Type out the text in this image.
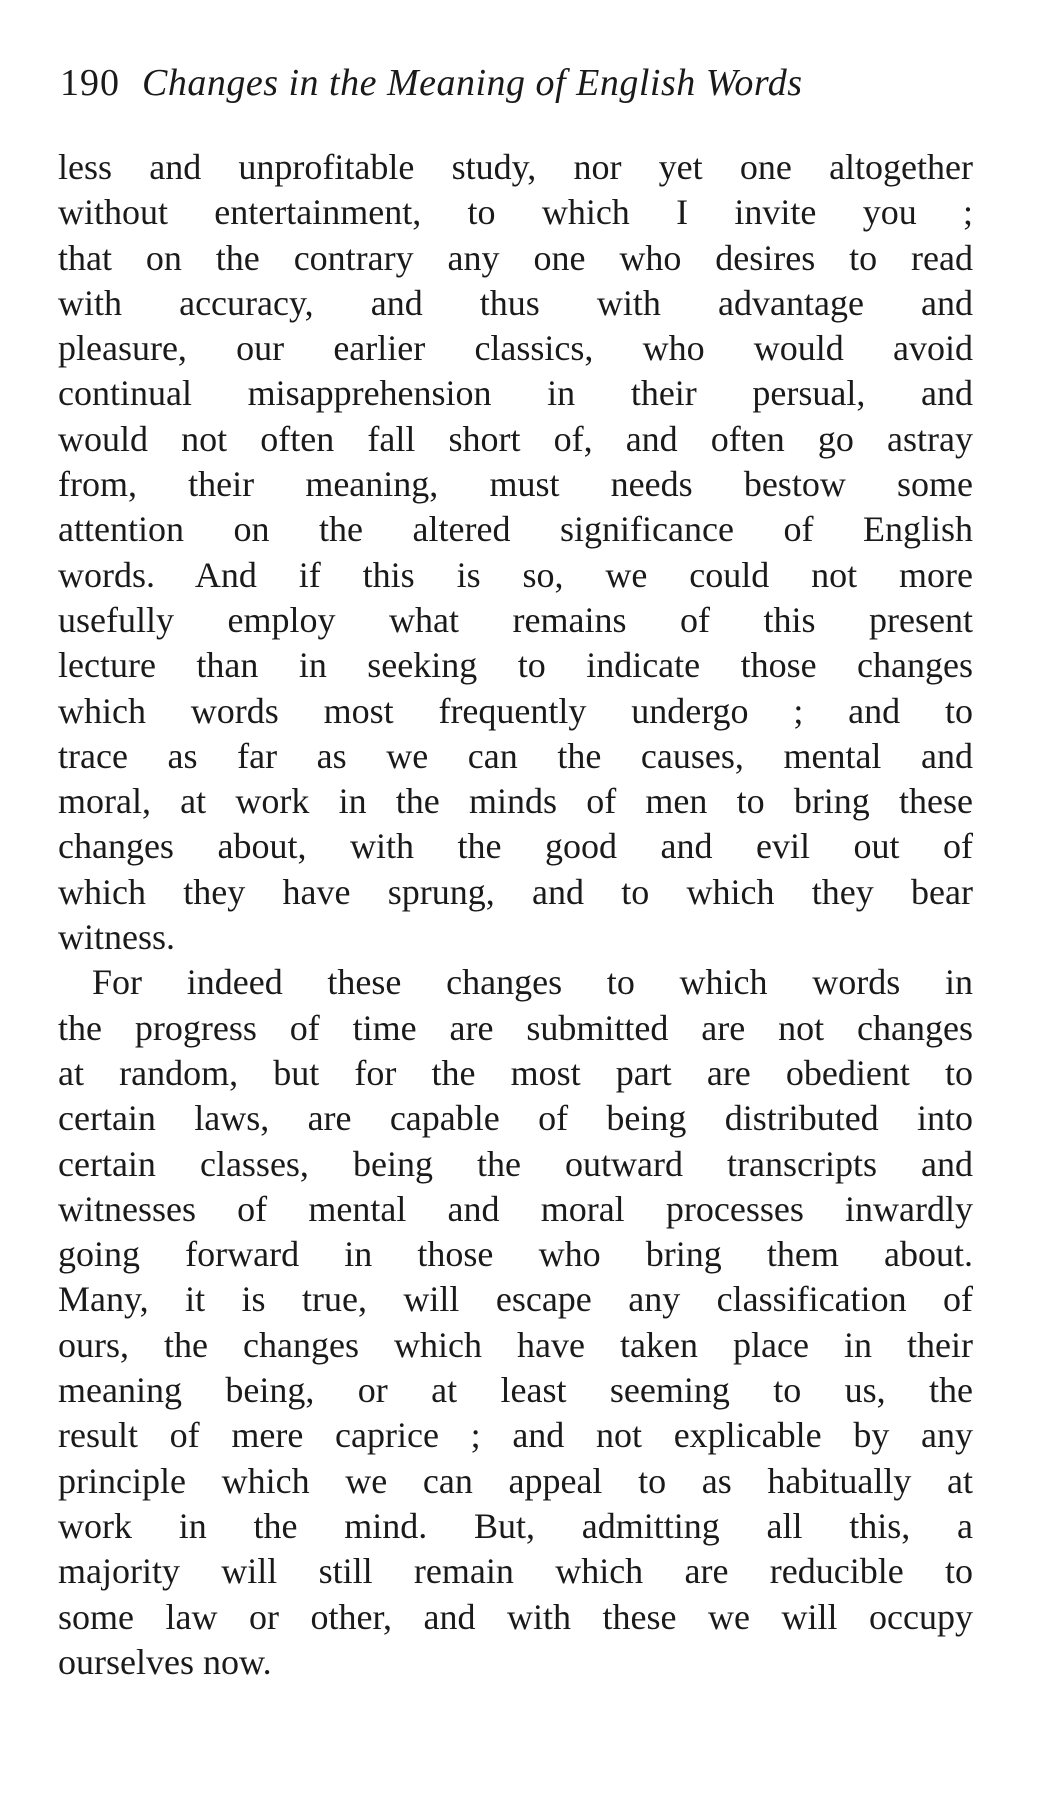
190 Changes in the Meaning of English Words
less and unprofitable study, nor yet one altogether
without entertainment, to which I invite you ;
that on the contrary any one who desires to read
with accuracy, and thus with advantage and
pleasure, our earlier classics, who would avoid
continual misapprehension in their persual, and
would not often fall short of, and often go astray
from, their meaning, must needs bestow some
attention on the altered significance of English
words. And if this is so, we could not more
usefully employ what remains of this present
lecture than in seeking to indicate those changes
which words most frequently undergo ; and to
trace as far as we can the causes, mental and
moral, at work in the minds of men to bring these
changes about, with the good and evil out of
which they have sprung, and to which they bear
witness.
For indeed these changes to which words in
the progress of time are submitted are not changes
at random, but for the most part are obedient to
certain laws, are capable of being distributed into
certain classes, being the outward transcripts and
witnesses of mental and moral processes inwardly
going forward in those who bring them about.
Many, it is true, will escape any classification of
ours, the changes which have taken place in their
meaning being, or at least seeming to us, the
result of mere caprice ; and not explicable by any
principle which we can appeal to as habitually at
work in the mind. But, admitting all this, a
majority will still remain which are reducible to
some law or other, and with these we will occupy
ourselves now.
